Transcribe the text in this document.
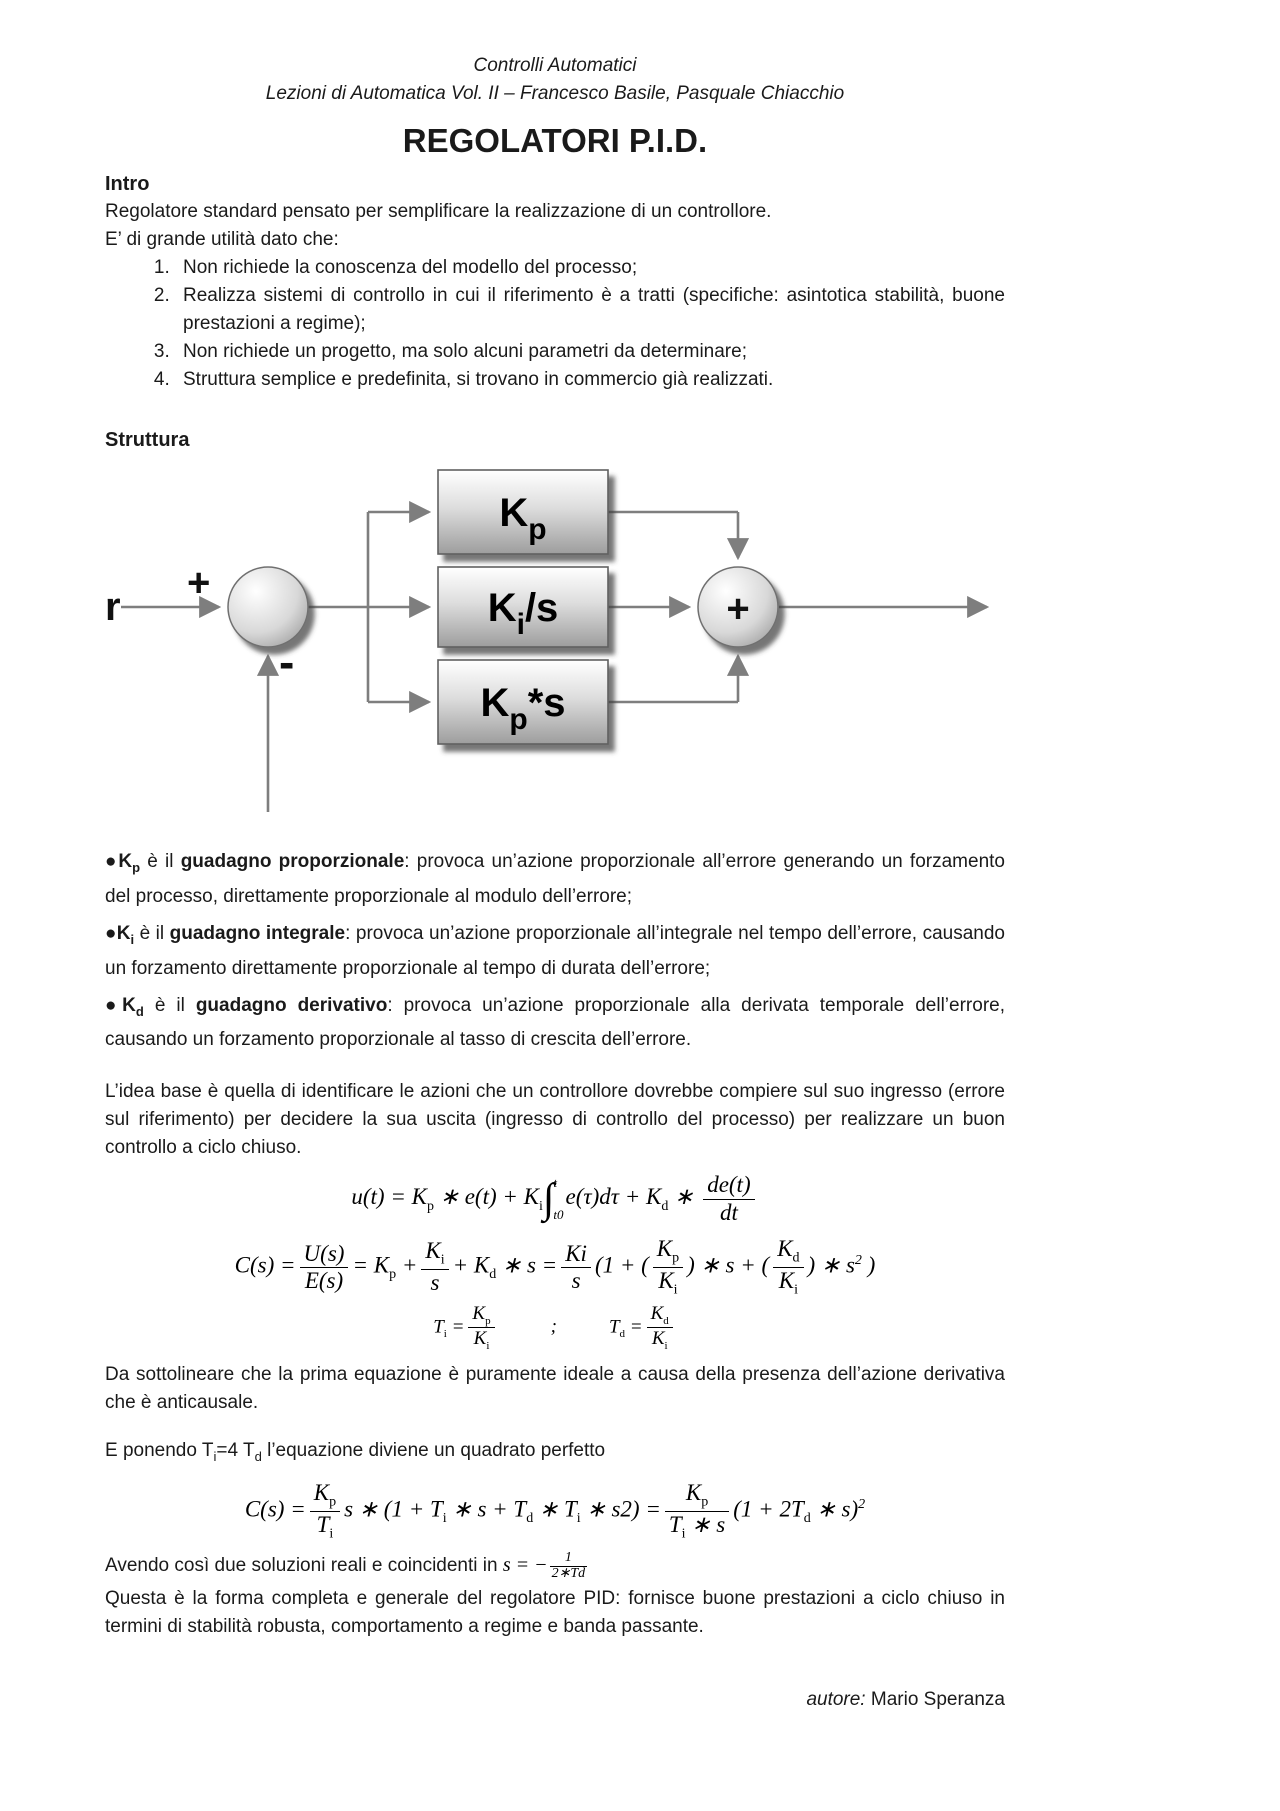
Controlli Automatici
Lezioni di Automatica Vol. II – Francesco Basile, Pasquale Chiacchio
REGOLATORI P.I.D.
Intro

Regolatore standard pensato per semplificare la realizzazione di un controllore.

E’ di grande utilità dato che:

1. Non richiede la conoscenza del modello del processo;
2. Realizza sistemi di controllo in cui il riferimento è a tratti (specifiche: asintotica stabilità, buone prestazioni a regime);
3. Non richiede un progetto, ma solo alcuni parametri da determinare;
4. Struttura semplice e predefinita, si trovano in commercio già realizzati.
Struttura
r
+
-
+
$K_p$
$K_i/s$
$K_p*s$

$●K_p$ è il guadagno proporzionale: provoca un’azione proporzionale all’errore generando un forzamento del processo, direttamente proporzionale al modulo dell’errore;

$●K_i$ è il guadagno integrale: provoca un’azione proporzionale all’integrale nel tempo dell’errore, causando un forzamento direttamente proporzionale al tempo di durata dell’errore;

$●K_d$ è il guadagno derivativo: provoca un’azione proporzionale alla derivata temporale dell’errore, causando un forzamento proporzionale al tasso di crescita dell’errore.

L’idea base è quella di identificare le azioni che un controllore dovrebbe compiere sul suo ingresso (errore sul riferimento) per decidere la sua uscita (ingresso di controllo del processo) per realizzare un buon controllo a ciclo chiuso.

$u(t) = K_p$ ∗ $e(t) + K_i$ ∫ t
t0
$e(\tau)d\tau + K_d$ ∗ $\frac{de(t)}{dt}$
$C(s) = \frac{U(s)}{E(s)} = K_p + \frac{K_i}{s} + K_d$ ∗ $s = \frac{Ki}{s} (1$ + ( $\frac{K_p}{K_i}$ ) ∗ s + ( $\frac{K_d}{K_i}$ ) ∗ $s^2$ )
$T_i = \frac{K_p}{K_i}$	;	$T_d = \frac{K_d}{K_i}$

Da sottolineare che la prima equazione è puramente ideale a causa della presenza dell’azione derivativa che è anticausale.

E ponendo $T_i=4$ $T_d$ l’equazione diviene un quadrato perfetto

$C(s) = \frac{K_p}{T_i}$ s ∗ ($1 + T_i$ ∗ $s + T_d$ ∗ $T_i$ ∗ $s2) = \frac{K_p}{T_i ∗ s} (1 + 2T_d$ ∗ s)$^2$

Avendo così due soluzioni reali e coincidenti in s = − $\frac{1}{2∗Td}$

Questa è la forma completa e generale del regolatore PID: fornisce buone prestazioni a ciclo chiuso in termini di stabilità robusta, comportamento a regime e banda passante.

autore: Mario Speranza
